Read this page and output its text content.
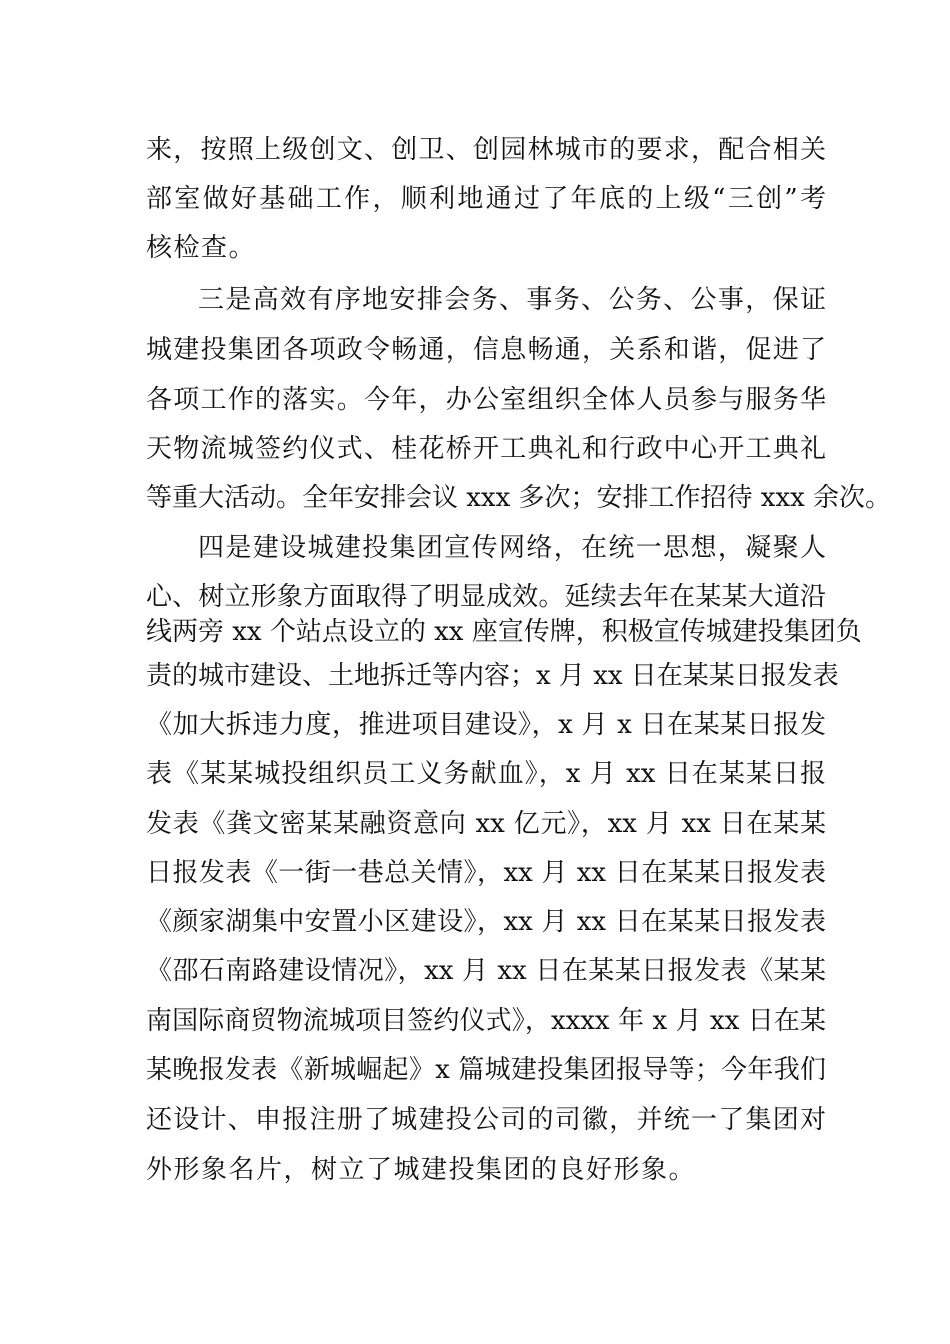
来，按照上级创文、创卫、创园林城市的要求，配合相关
部室做好基础工作，顺利地通过了年底的上级“三创”考
核检查。
三是高效有序地安排会务、事务、公务、公事，保证
城建投集团各项政令畅通，信息畅通，关系和谐，促进了
各项工作的落实。今年，办公室组织全体人员参与服务华
天物流城签约仪式、桂花桥开工典礼和行政中心开工典礼
等重大活动。全年安排会议 xxx 多次；安排工作招待 xxx 余次。
四是建设城建投集团宣传网络，在统一思想，凝聚人
心、树立形象方面取得了明显成效。延续去年在某某大道沿
线两旁 xx 个站点设立的 xx 座宣传牌，积极宣传城建投集团负
责的城市建设、土地拆迁等内容；x 月 xx 日在某某日报发表
《加大拆违力度，推进项目建设》，x 月 x 日在某某日报发
表《某某城投组织员工义务献血》，x 月 xx 日在某某日报
发表《龚文密某某融资意向 xx 亿元》，xx 月 xx 日在某某
日报发表《一街一巷总关情》，xx 月 xx 日在某某日报发表
《颜家湖集中安置小区建设》，xx 月 xx 日在某某日报发表
《邵石南路建设情况》，xx 月 xx 日在某某日报发表《某某
南国际商贸物流城项目签约仪式》，xxxx 年 x 月 xx 日在某
某晚报发表《新城崛起》x 篇城建投集团报导等；今年我们
还设计、申报注册了城建投公司的司徽，并统一了集团对
外形象名片，树立了城建投集团的良好形象。
